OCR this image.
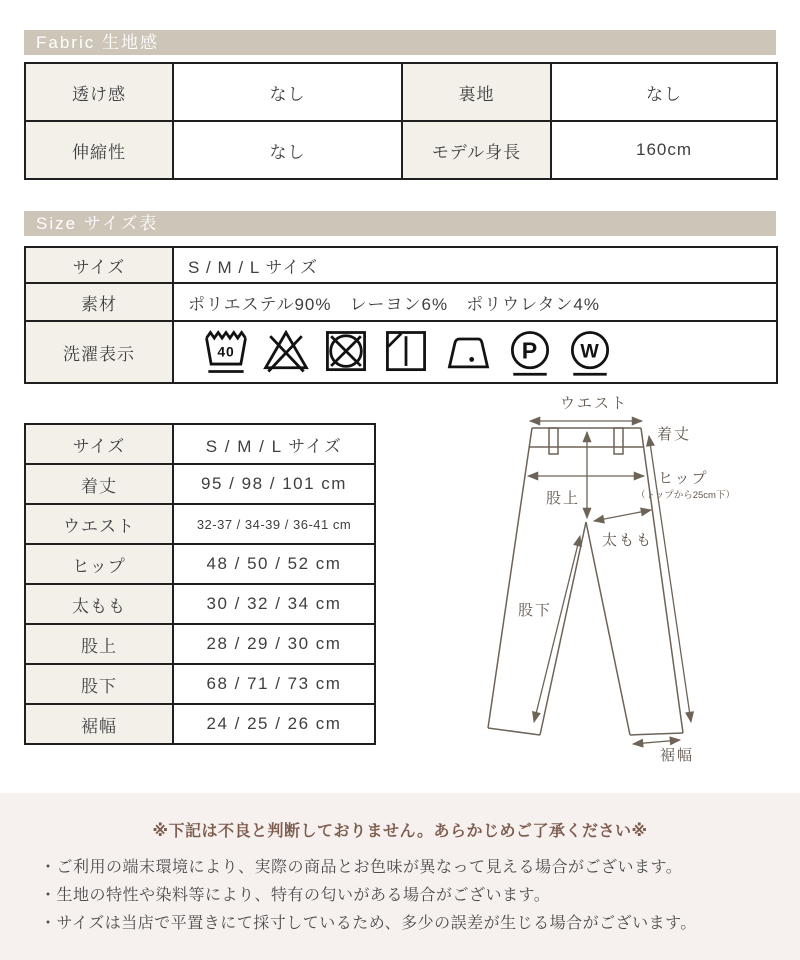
Fabric 生地感
透け感	なし	裏地	なし
伸縮性	なし	モデル身長	160cm
Size サイズ表
サイズ	S / M / L サイズ
素材	ポリエステル90%　レーヨン6%　ポリウレタン4%
洗濯表示	40 P W
サイズ	S / M / L サイズ
着丈	95 / 98 / 101 cm
ウエスト	32-37 / 34-39 / 36-41 cm
ヒップ	48 / 50 / 52 cm
太もも	30 / 32 / 34 cm
股上	28 / 29 / 30 cm
股下	68 / 71 / 73 cm
裾幅	24 / 25 / 26 cm
ウエスト
着丈
ヒップ
（トップから25cm下）
股上
太もも
股下
裾幅
※下記は不良と判断しておりません。あらかじめご了承ください※

・ご利用の端末環境により、実際の商品とお色味が異なって見える場合がございます。

・生地の特性や染料等により、特有の匂いがある場合がございます。

・サイズは当店で平置きにて採寸しているため、多少の誤差が生じる場合がございます。
